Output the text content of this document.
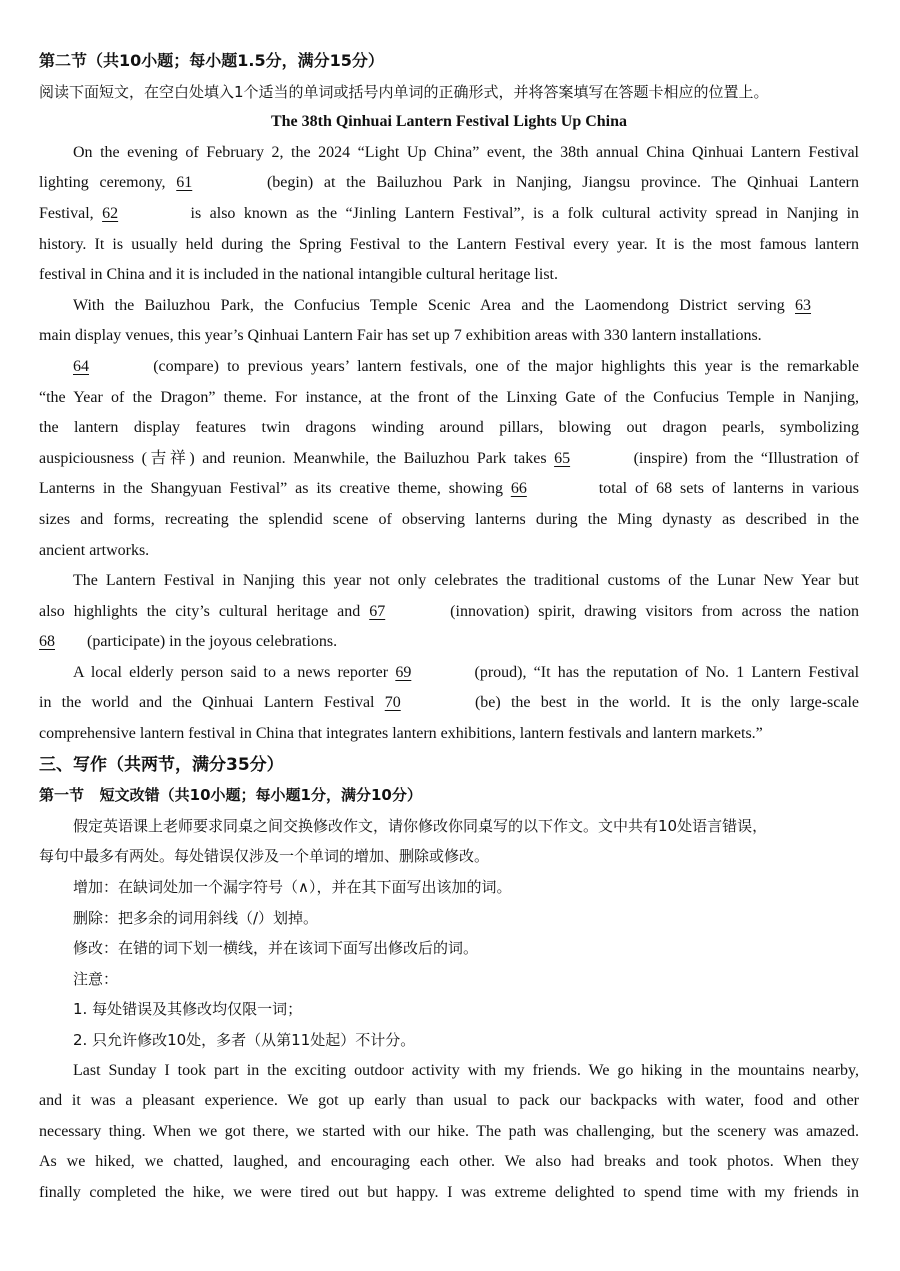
第二节（共10小题；每小题1.5分，满分15分）
阅读下面短文，在空白处填入1个适当的单词或括号内单词的正确形式，并将答案填写在答题卡相应的位置上。
The 38th Qinhuai Lantern Festival Lights Up China
On the evening of February 2, the 2024 “Light Up China” event, the 38th annual China Qinhuai Lantern Festival
lighting ceremony, 61	(begin) at the Bailuzhou Park in Nanjing, Jiangsu province. The Qinhuai Lantern
Festival, 62	is also known as the “Jinling Lantern Festival”, is a folk cultural activity spread in Nanjing in
history. It is usually held during the Spring Festival to the Lantern Festival every year. It is the most famous lantern
festival in China and it is included in the national intangible cultural heritage list.
With the Bailuzhou Park, the Confucius Temple Scenic Area and the Laomendong District serving 63
main display venues, this year’s Qinhuai Lantern Fair has set up 7 exhibition areas with 330 lantern installations.
64	(compare) to previous years’ lantern festivals, one of the major highlights this year is the remarkable
“the Year of the Dragon” theme. For instance, at the front of the Linxing Gate of the Confucius Temple in Nanjing,
the lantern display features twin dragons winding around pillars, blowing out dragon pearls, symbolizing
auspiciousness (吉祥) and reunion. Meanwhile, the Bailuzhou Park takes 65	(inspire) from the “Illustration of
Lanterns in the Shangyuan Festival” as its creative theme, showing 66	total of 68 sets of lanterns in various
sizes and forms, recreating the splendid scene of observing lanterns during the Ming dynasty as described in the
ancient artworks.
The Lantern Festival in Nanjing this year not only celebrates the traditional customs of the Lunar New Year but
also highlights the city’s cultural heritage and 67	(innovation) spirit, drawing visitors from across the nation
68 (participate) in the joyous celebrations.
A local elderly person said to a news reporter 69	(proud), “It has the reputation of No. 1 Lantern Festival
in the world and the Qinhuai Lantern Festival 70	(be) the best in the world. It is the only large-scale
comprehensive lantern festival in China that integrates lantern exhibitions, lantern festivals and lantern markets.”
三、写作（共两节，满分35分）
第一节   短文改错（共10小题；每小题1分，满分10分）
假定英语课上老师要求同桌之间交换修改作文，请你修改你同桌写的以下作文。文中共有10处语言错误，
每句中最多有两处。每处错误仅涉及一个单词的增加、删除或修改。
增加：在缺词处加一个漏字符号（∧），并在其下面写出该加的词。
删除：把多余的词用斜线（/）划掉。
修改：在错的词下划一横线，并在该词下面写出修改后的词。
注意：
1. 每处错误及其修改均仅限一词；
2. 只允许修改10处，多者（从第11处起）不计分。
Last Sunday I took part in the exciting outdoor activity with my friends. We go hiking in the mountains nearby,
and it was a pleasant experience. We got up early than usual to pack our backpacks with water, food and other
necessary thing. When we got there, we started with our hike. The path was challenging, but the scenery was amazed.
As we hiked, we chatted, laughed, and encouraging each other. We also had breaks and took photos. When they
finally completed the hike, we were tired out but happy. I was extreme delighted to spend time with my friends in
